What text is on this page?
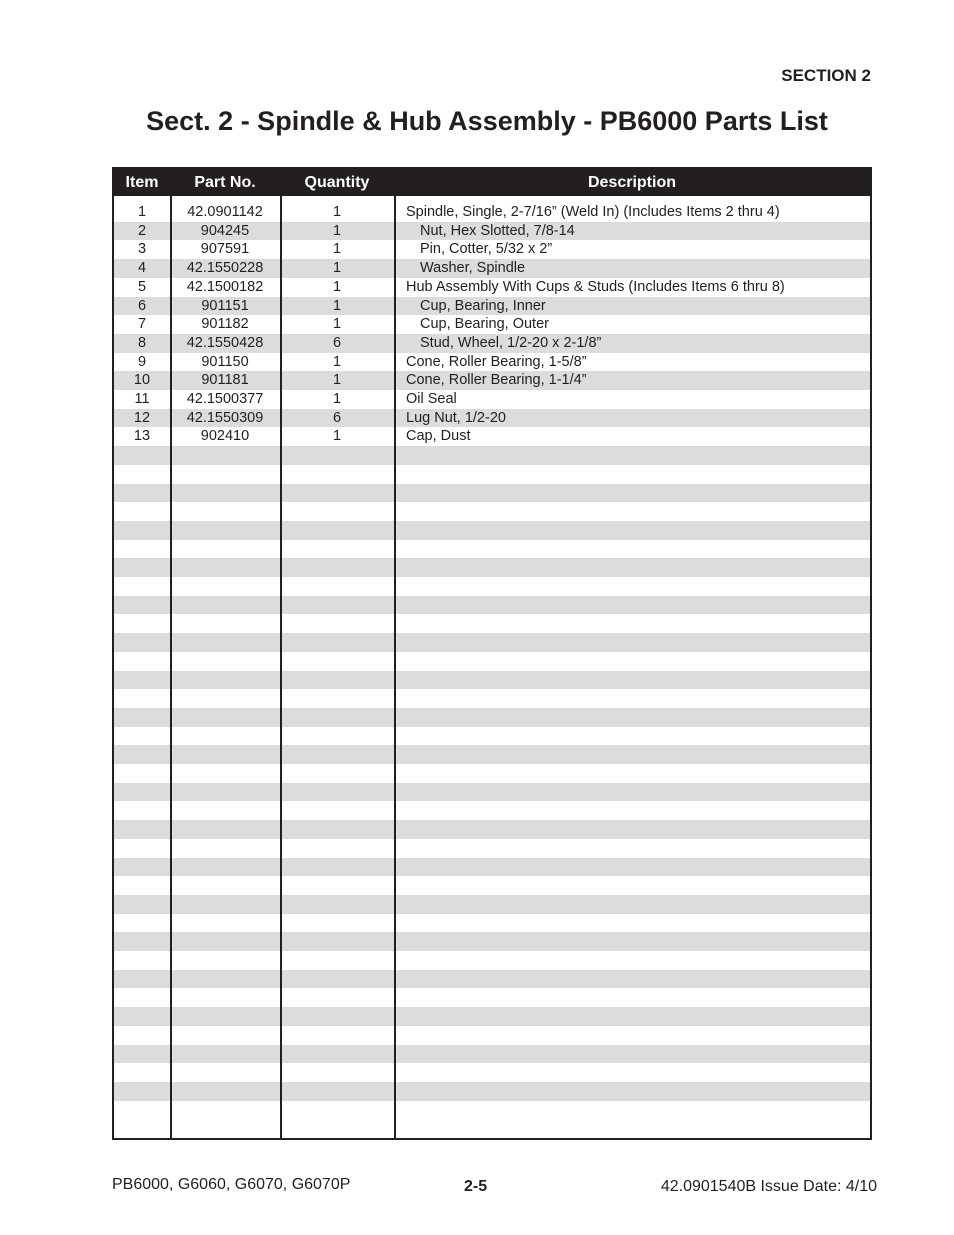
SECTION 2
Sect. 2 - Spindle & Hub Assembly - PB6000 Parts List
Item	Part No.	Quantity	Description
1	42.0901142	1	Spindle, Single, 2-7/16” (Weld In) (Includes Items 2 thru 4)
2	904245	1	Nut, Hex Slotted, 7/8-14
3	907591	1	Pin, Cotter, 5/32 x 2”
4	42.1550228	1	Washer, Spindle
5	42.1500182	1	Hub Assembly With Cups & Studs (Includes Items 6 thru 8)
6	901151	1	Cup, Bearing, Inner
7	901182	1	Cup, Bearing, Outer
8	42.1550428	6	Stud, Wheel, 1/2-20 x 2-1/8”
9	901150	1	Cone, Roller Bearing, 1-5/8”
10	901181	1	Cone, Roller Bearing, 1-1/4”
11	42.1500377	1	Oil Seal
12	42.1550309	6	Lug Nut, 1/2-20
13	902410	1	Cap, Dust
PB6000, G6060, G6070, G6070P	2-5	42.0901540B Issue Date: 4/10
